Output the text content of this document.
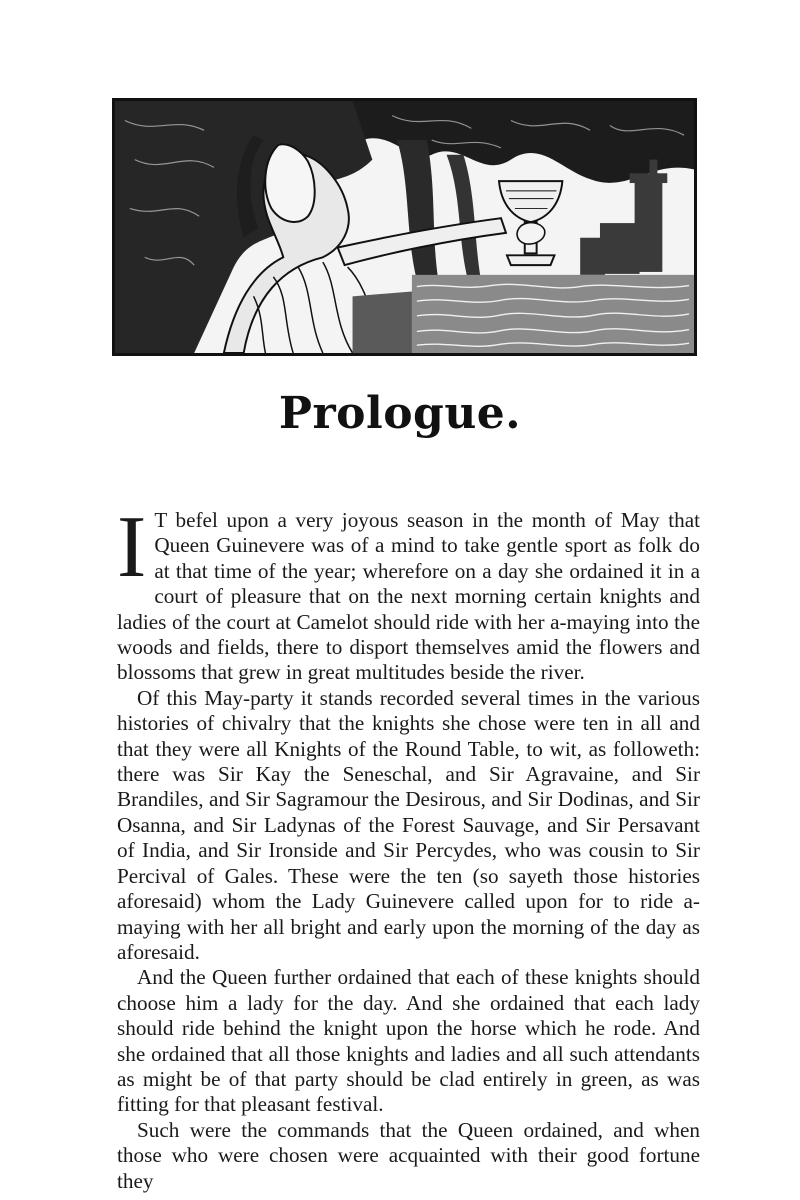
Prologue.

I T befel upon a very joyous season in the month of May that Queen Guinevere was of a mind to take gentle sport as folk do at that time of the year; wherefore on a day she ordained it in a court of pleasure that on the next morning certain knights and ladies of the court at Camelot should ride with her a-maying into the woods and fields, there to disport themselves amid the flowers and blossoms that grew in great multitudes beside the river.

Of this May-party it stands recorded several times in the various histories of chivalry that the knights she chose were ten in all and that they were all Knights of the Round Table, to wit, as followeth: there was Sir Kay the Seneschal, and Sir Agravaine, and Sir Brandiles, and Sir Sagramour the Desirous, and Sir Dodinas, and Sir Osanna, and Sir Ladynas of the Forest Sauvage, and Sir Persavant of India, and Sir Ironside and Sir Percydes, who was cousin to Sir Percival of Gales. These were the ten (so sayeth those histories aforesaid) whom the Lady Guinevere called upon for to ride a-maying with her all bright and early upon the morning of the day as aforesaid.

And the Queen further ordained that each of these knights should choose him a lady for the day. And she ordained that each lady should ride behind the knight upon the horse which he rode. And she ordained that all those knights and ladies and all such attendants as might be of that party should be clad entirely in green, as was fitting for that pleasant festival.

Such were the commands that the Queen ordained, and when those who were chosen were acquainted with their good fortune they
